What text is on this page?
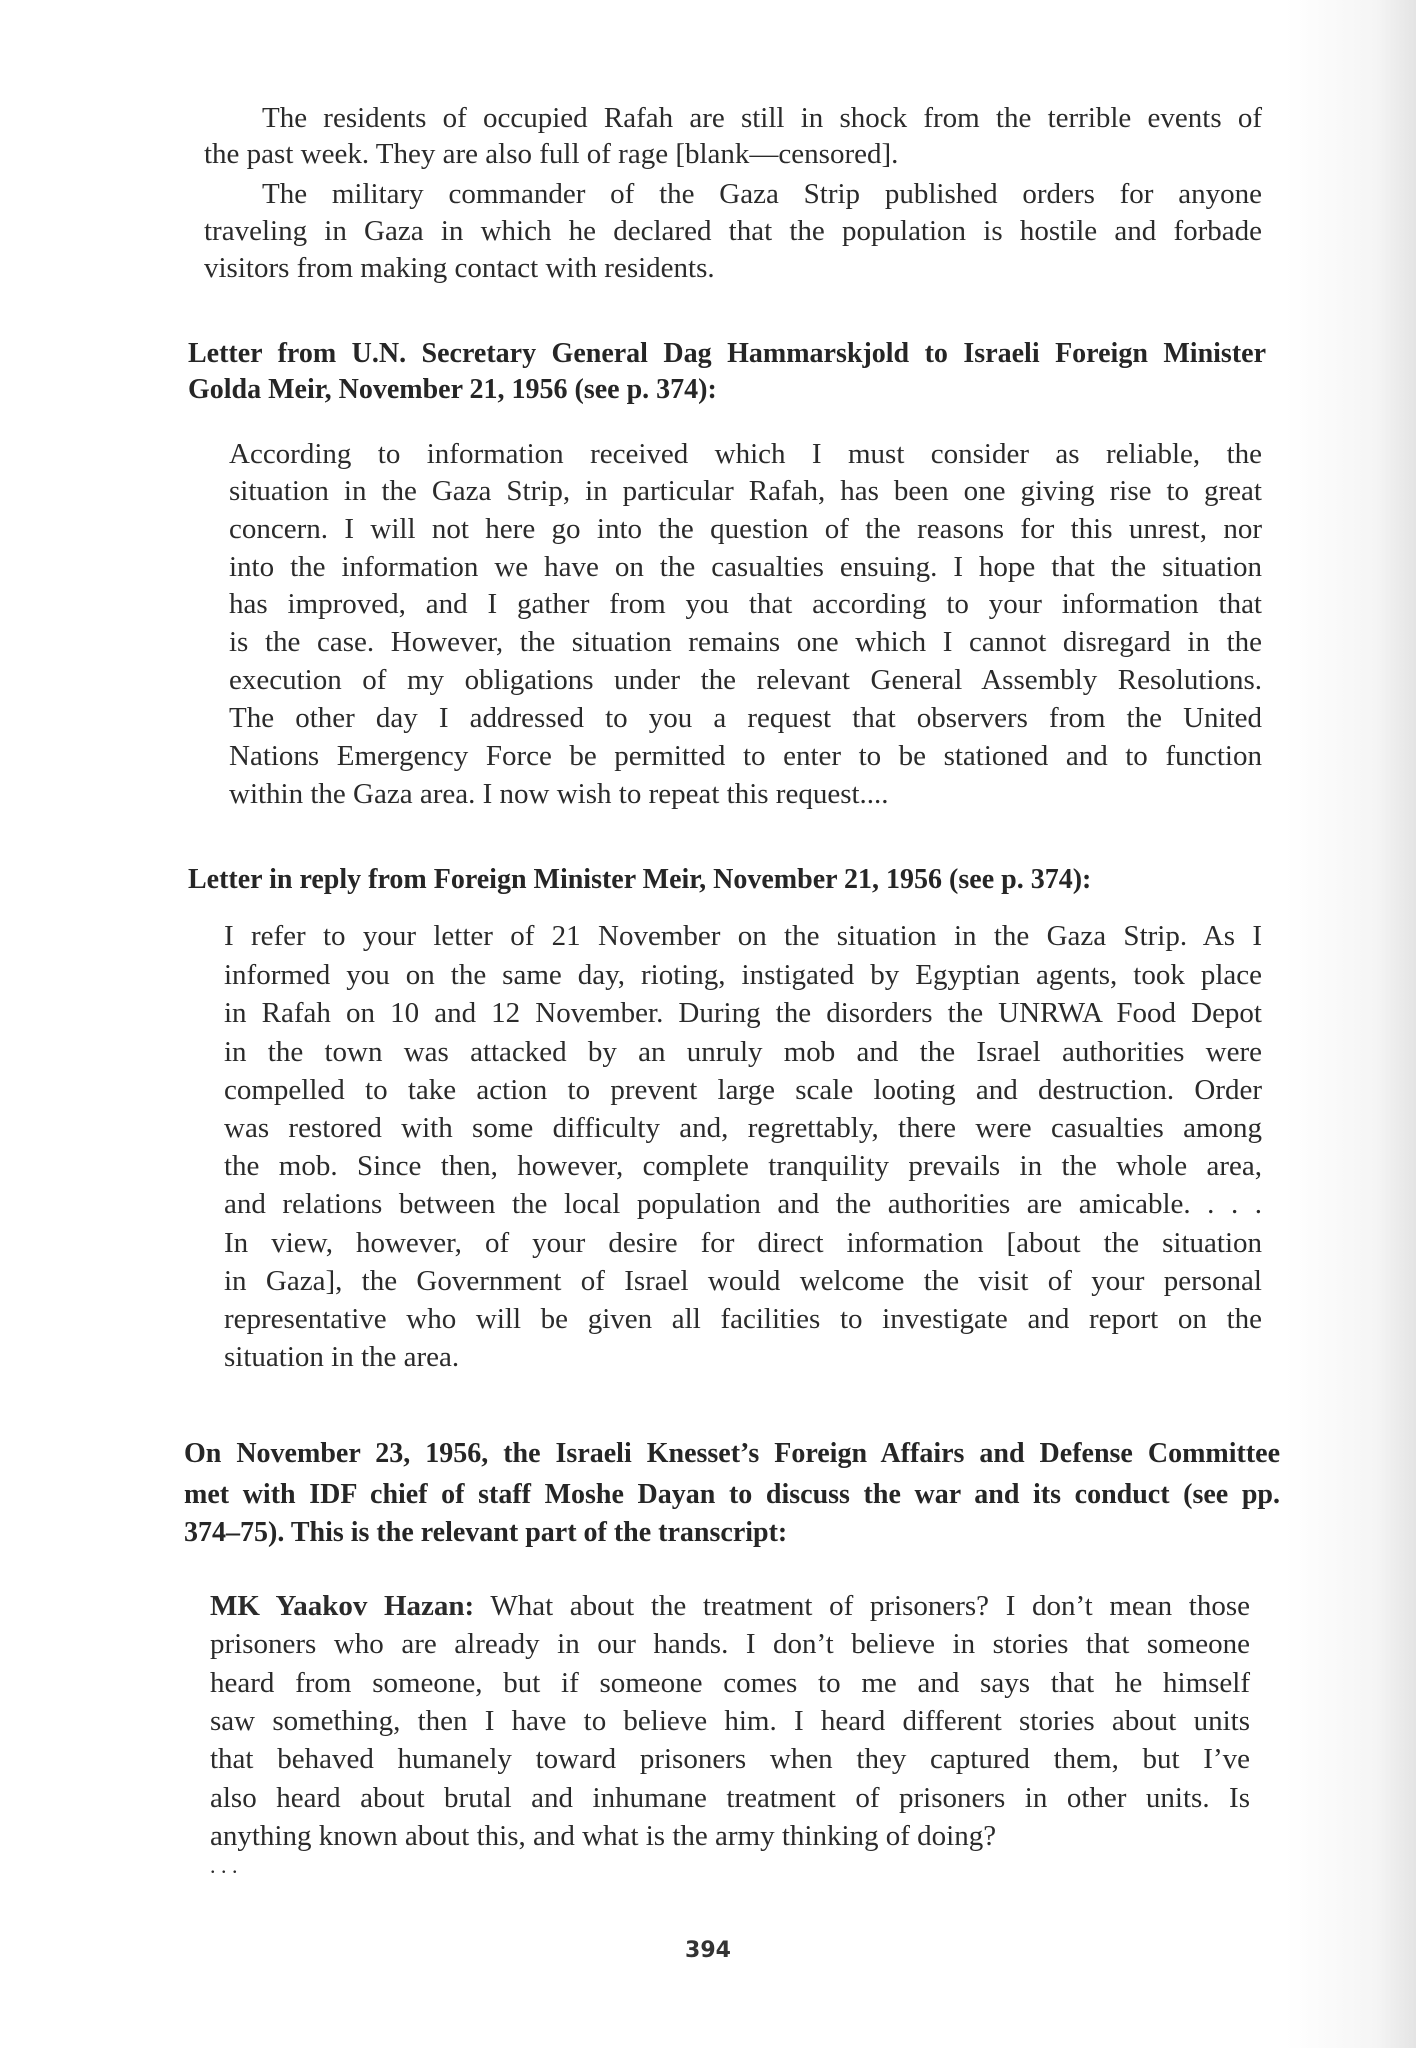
The residents of occupied Rafah are still in shock from the terrible events of
the past week. They are also full of rage [blank—censored].
The military commander of the Gaza Strip published orders for anyone
traveling in Gaza in which he declared that the population is hostile and forbade
visitors from making contact with residents.
Letter from U.N. Secretary General Dag Hammarskjold to Israeli Foreign Minister
Golda Meir, November 21, 1956 (see p. 374):
According to information received which I must consider as reliable, the
situation in the Gaza Strip, in particular Rafah, has been one giving rise to great
concern. I will not here go into the question of the reasons for this unrest, nor
into the information we have on the casualties ensuing. I hope that the situation
has improved, and I gather from you that according to your information that
is the case. However, the situation remains one which I cannot disregard in the
execution of my obligations under the relevant General Assembly Resolutions.
The other day I addressed to you a request that observers from the United
Nations Emergency Force be permitted to enter to be stationed and to function
within the Gaza area. I now wish to repeat this request....
Letter in reply from Foreign Minister Meir, November 21, 1956 (see p. 374):
I refer to your letter of 21 November on the situation in the Gaza Strip. As I
informed you on the same day, rioting, instigated by Egyptian agents, took place
in Rafah on 10 and 12 November. During the disorders the UNRWA Food Depot
in the town was attacked by an unruly mob and the Israel authorities were
compelled to take action to prevent large scale looting and destruction. Order
was restored with some difficulty and, regrettably, there were casualties among
the mob. Since then, however, complete tranquility prevails in the whole area,
and relations between the local population and the authorities are amicable. . . .
In view, however, of your desire for direct information [about the situation
in Gaza], the Government of Israel would welcome the visit of your personal
representative who will be given all facilities to investigate and report on the
situation in the area.
On November 23, 1956, the Israeli Knesset’s Foreign Affairs and Defense Committee
met with IDF chief of staff Moshe Dayan to discuss the war and its conduct (see pp.
374–75). This is the relevant part of the transcript:
MK Yaakov Hazan: What about the treatment of prisoners? I don’t mean those
prisoners who are already in our hands. I don’t believe in stories that someone
heard from someone, but if someone comes to me and says that he himself
saw something, then I have to believe him. I heard different stories about units
that behaved humanely toward prisoners when they captured them, but I’ve
also heard about brutal and inhumane treatment of prisoners in other units. Is
anything known about this, and what is the army thinking of doing?
. . .
394
